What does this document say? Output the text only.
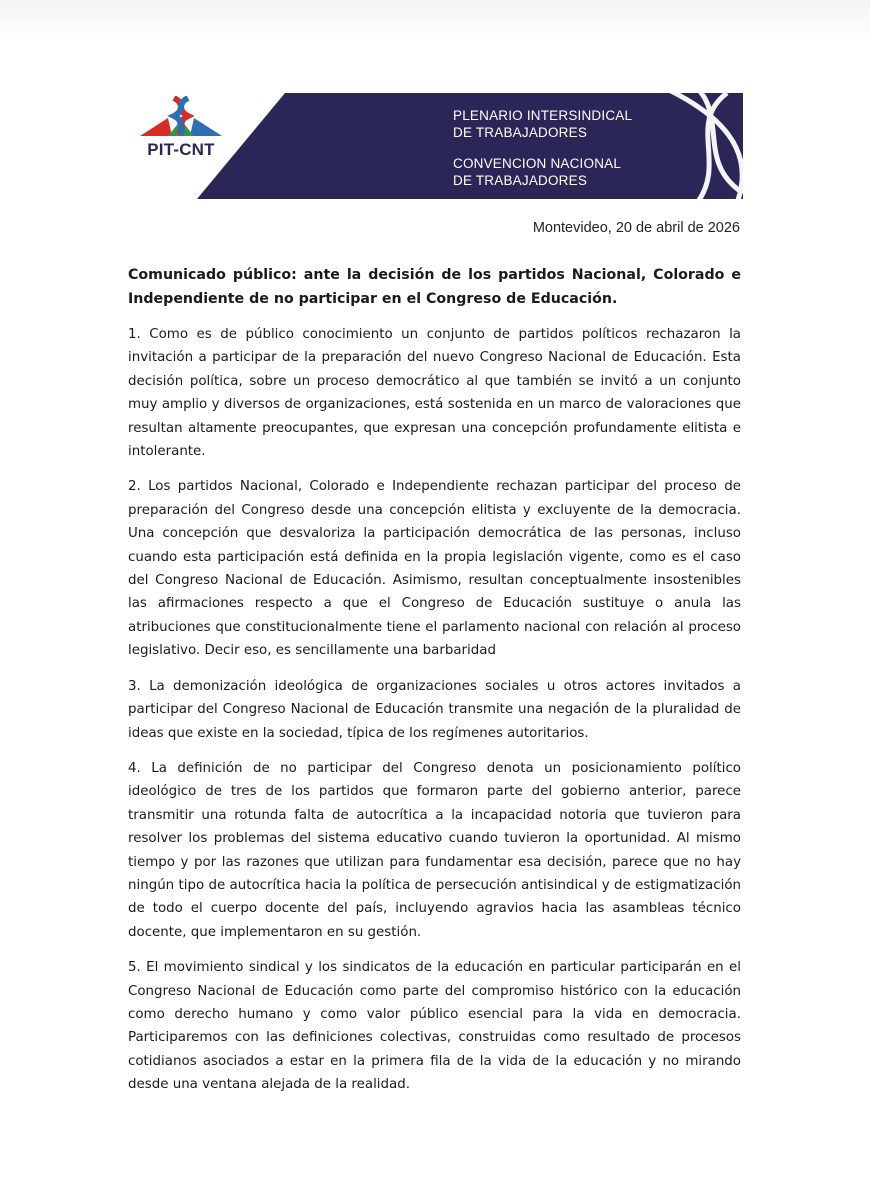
PIT-CNT
PLENARIO INTERSINDICAL
DE TRABAJADORES
CONVENCION NACIONAL
DE TRABAJADORES
Montevideo, 20 de abril de 2026

Comunicado público: ante la decisión de los partidos Nacional, Colorado e Independiente de no participar en el Congreso de Educación.

1. Como es de público conocimiento un conjunto de partidos políticos rechazaron la invitación a participar de la preparación del nuevo Congreso Nacional de Educación. Esta decisión política, sobre un proceso democrático al que también se invitó a un conjunto muy amplio y diversos de organizaciones, está sostenida en un marco de valoraciones que resultan altamente preocupantes, que expresan una concepción profundamente elitista e intolerante.

2. Los partidos Nacional, Colorado e Independiente rechazan participar del proceso de preparación del Congreso desde una concepción elitista y excluyente de la democracia. Una concepción que desvaloriza la participación democrática de las personas, incluso cuando esta participación está definida en la propia legislación vigente, como es el caso del Congreso Nacional de Educación. Asimismo, resultan conceptualmente insostenibles las afirmaciones respecto a que el Congreso de Educación sustituye o anula las atribuciones que constitucionalmente tiene el parlamento nacional con relación al proceso legislativo. Decir eso, es sencillamente una barbaridad

3. La demonización ideológica de organizaciones sociales u otros actores invitados a participar del Congreso Nacional de Educación transmite una negación de la pluralidad de ideas que existe en la sociedad, típica de los regímenes autoritarios.

4. La definición de no participar del Congreso denota un posicionamiento político ideológico de tres de los partidos que formaron parte del gobierno anterior, parece transmitir una rotunda falta de autocrítica a la incapacidad notoria que tuvieron para resolver los problemas del sistema educativo cuando tuvieron la oportunidad. Al mismo tiempo y por las razones que utilizan para fundamentar esa decisión, parece que no hay ningún tipo de autocrítica hacia la política de persecución antisindical y de estigmatización de todo el cuerpo docente del país, incluyendo agravios hacia las asambleas técnico docente, que implementaron en su gestión.

5. El movimiento sindical y los sindicatos de la educación en particular participarán en el Congreso Nacional de Educación como parte del compromiso histórico con la educación como derecho humano y como valor público esencial para la vida en democracia. Participaremos con las definiciones colectivas, construidas como resultado de procesos cotidianos asociados a estar en la primera fila de la vida de la educación y no mirando desde una ventana alejada de la realidad.
